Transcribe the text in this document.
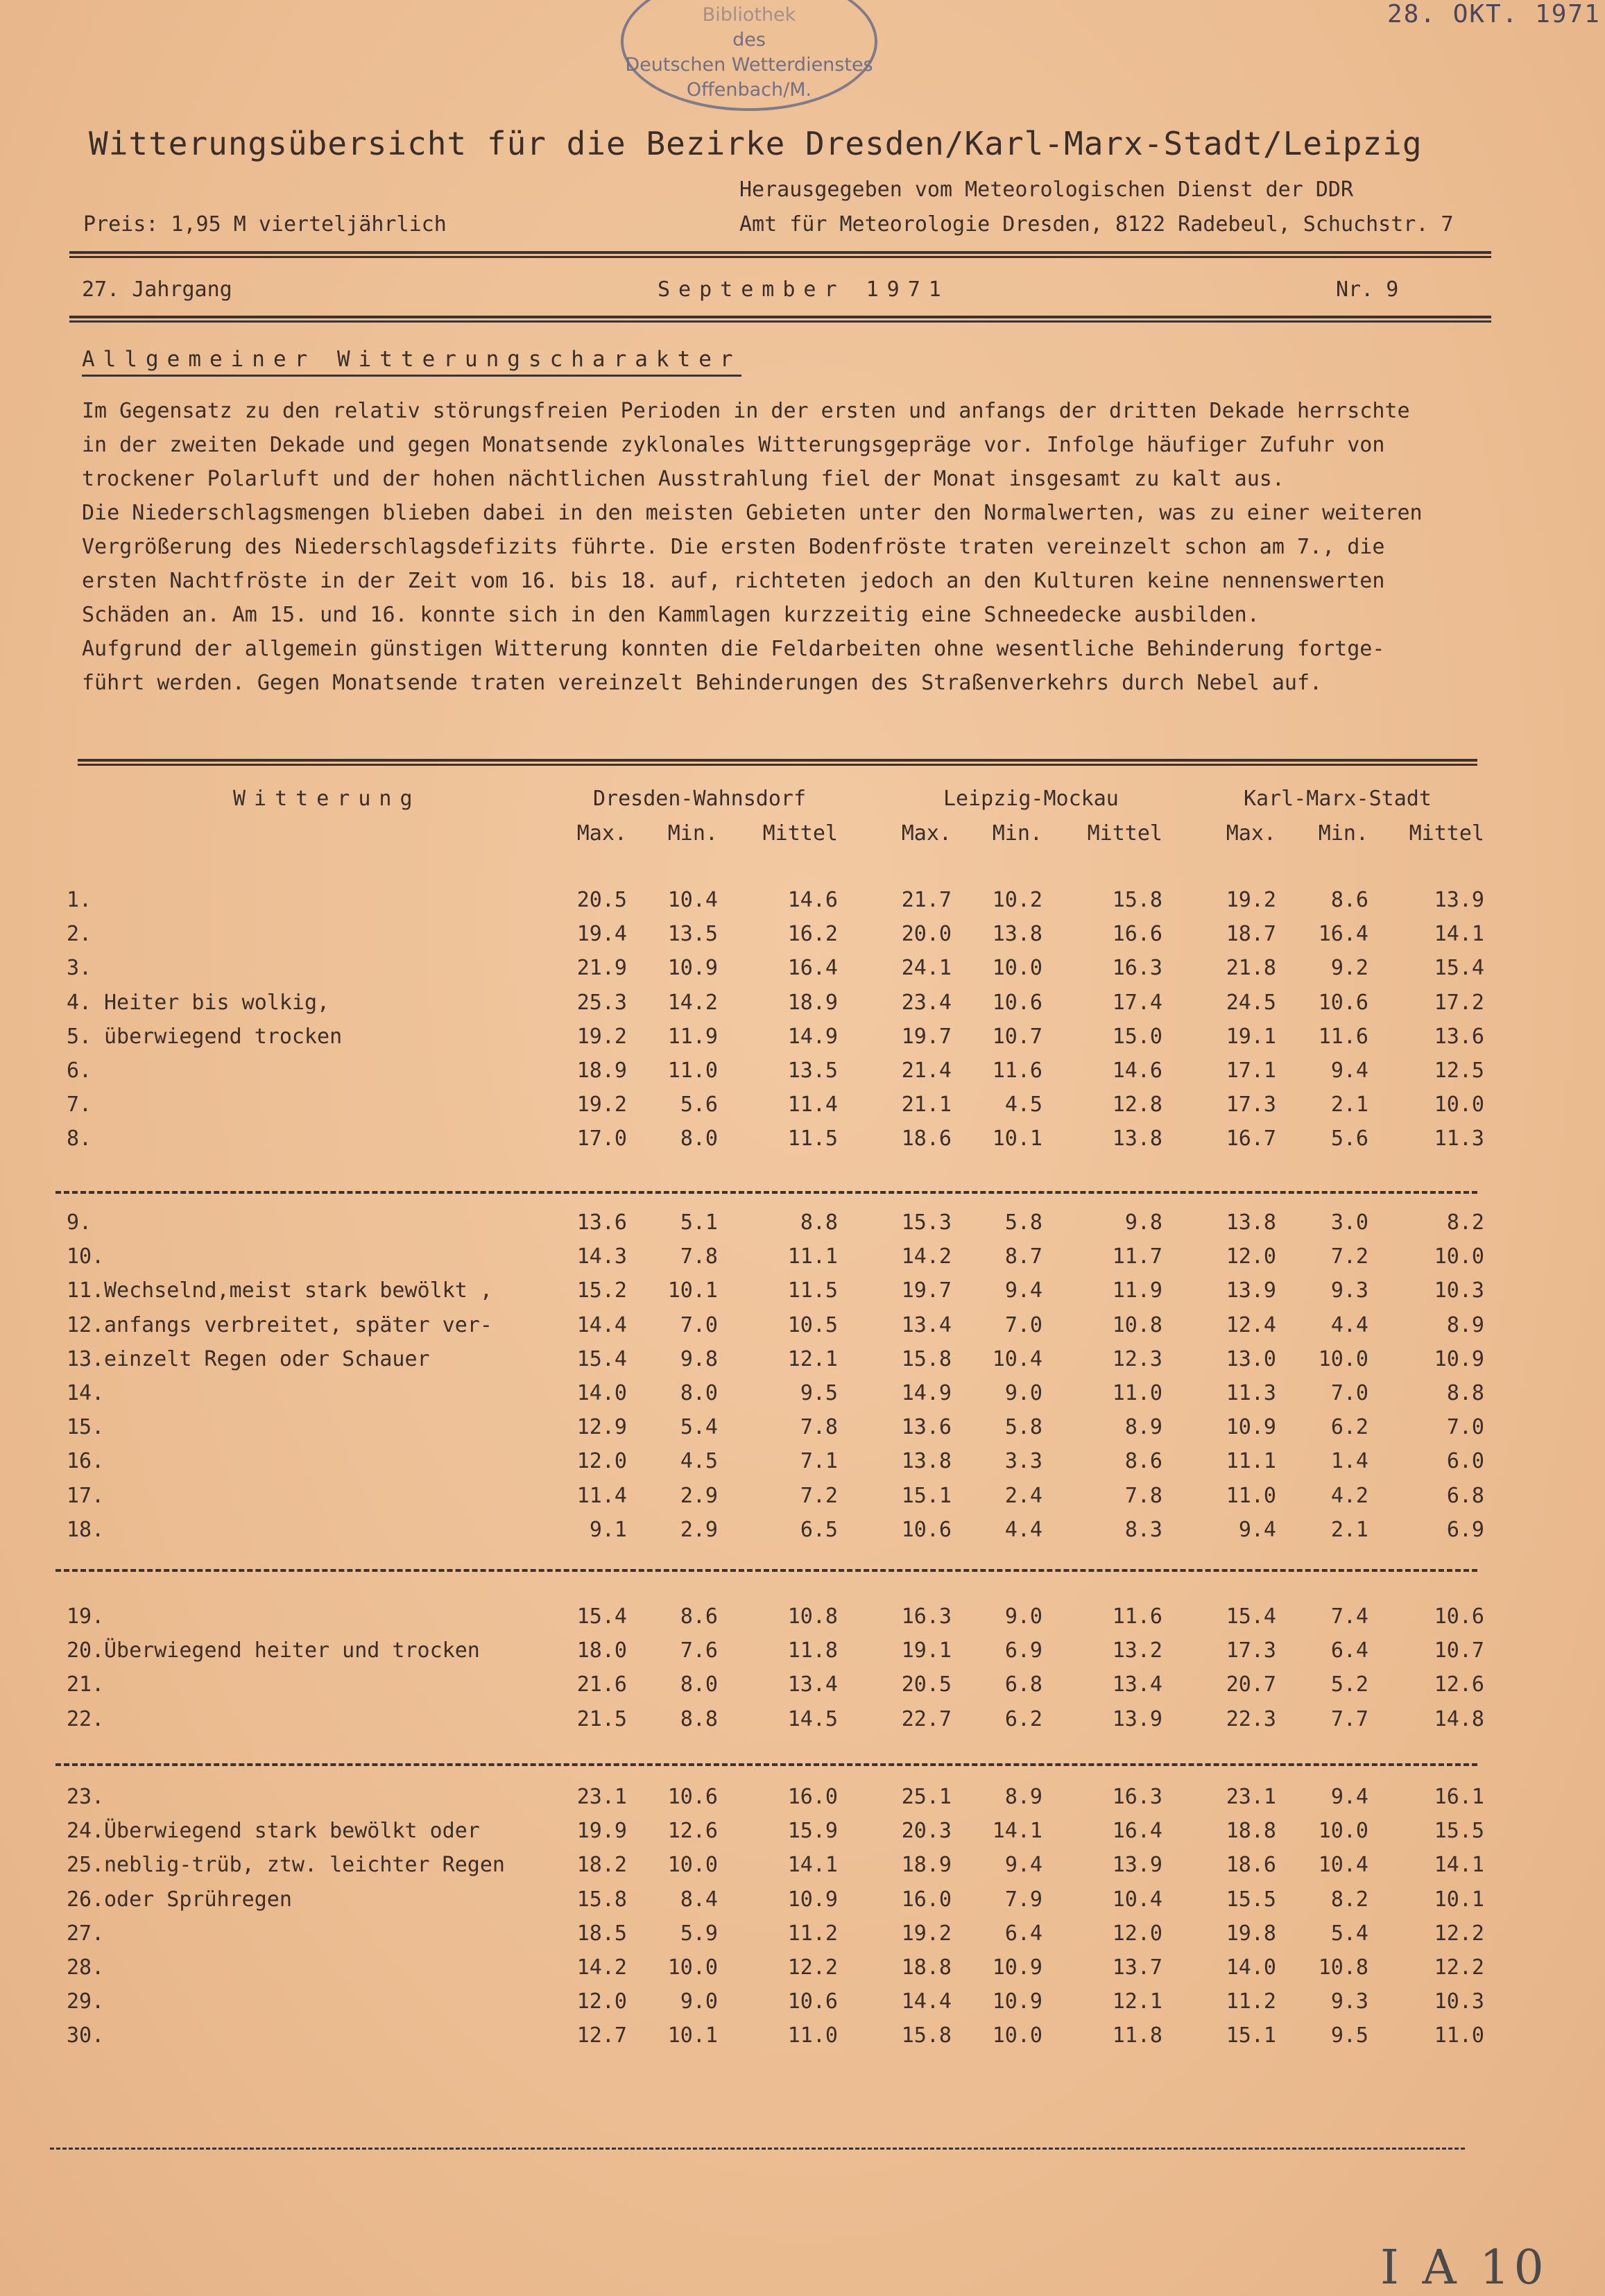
Bibliothek
des
Deutschen Wetterdienstes
Offenbach/M.
28. OKT. 1971
Witterungsübersicht für die Bezirke Dresden/Karl-Marx-Stadt/Leipzig
Herausgegeben vom Meteorologischen Dienst der DDR
Preis: 1,95 M vierteljährlich	Amt für Meteorologie Dresden, 8122 Radebeul, Schuchstr. 7
27. Jahrgang	September 1971	Nr. 9
Allgemeiner Witterungscharakter
Im Gegensatz zu den relativ störungsfreien Perioden in der ersten und anfangs der dritten Dekade herrschte
in der zweiten Dekade und gegen Monatsende zyklonales Witterungsgepräge vor. Infolge häufiger Zufuhr von
trockener Polarluft und der hohen nächtlichen Ausstrahlung fiel der Monat insgesamt zu kalt aus.
Die Niederschlagsmengen blieben dabei in den meisten Gebieten unter den Normalwerten, was zu einer weiteren
Vergrößerung des Niederschlagsdefizits führte. Die ersten Bodenfröste traten vereinzelt schon am 7., die
ersten Nachtfröste in der Zeit vom 16. bis 18. auf, richteten jedoch an den Kulturen keine nennenswerten
Schäden an. Am 15. und 16. konnte sich in den Kammlagen kurzzeitig eine Schneedecke ausbilden.
Aufgrund der allgemein günstigen Witterung konnten die Feldarbeiten ohne wesentliche Behinderung fortge-
führt werden. Gegen Monatsende traten vereinzelt Behinderungen des Straßenverkehrs durch Nebel auf.
Witterung	Dresden-Wahnsdorf	Leipzig-Mockau	Karl-Marx-Stadt
Max.	Min.	Mittel	Max.	Min.	Mittel	Max.	Min.	Mittel
1.	20.5	10.4	14.6	21.7	10.2	15.8	19.2	8.6	13.9
2.	19.4	13.5	16.2	20.0	13.8	16.6	18.7	16.4	14.1
3.	21.9	10.9	16.4	24.1	10.0	16.3	21.8	9.2	15.4
4. Heiter bis wolkig,	25.3	14.2	18.9	23.4	10.6	17.4	24.5	10.6	17.2
5. überwiegend trocken	19.2	11.9	14.9	19.7	10.7	15.0	19.1	11.6	13.6
6.	18.9	11.0	13.5	21.4	11.6	14.6	17.1	9.4	12.5
7.	19.2	5.6	11.4	21.1	4.5	12.8	17.3	2.1	10.0
8.	17.0	8.0	11.5	18.6	10.1	13.8	16.7	5.6	11.3
9.	13.6	5.1	8.8	15.3	5.8	9.8	13.8	3.0	8.2
10.	14.3	7.8	11.1	14.2	8.7	11.7	12.0	7.2	10.0
11. Wechselnd,meist stark bewölkt ,	15.2	10.1	11.5	19.7	9.4	11.9	13.9	9.3	10.3
12. anfangs verbreitet, später ver-	14.4	7.0	10.5	13.4	7.0	10.8	12.4	4.4	8.9
13. einzelt Regen oder Schauer	15.4	9.8	12.1	15.8	10.4	12.3	13.0	10.0	10.9
14.	14.0	8.0	9.5	14.9	9.0	11.0	11.3	7.0	8.8
15.	12.9	5.4	7.8	13.6	5.8	8.9	10.9	6.2	7.0
16.	12.0	4.5	7.1	13.8	3.3	8.6	11.1	1.4	6.0
17.	11.4	2.9	7.2	15.1	2.4	7.8	11.0	4.2	6.8
18.	9.1	2.9	6.5	10.6	4.4	8.3	9.4	2.1	6.9
19.	15.4	8.6	10.8	16.3	9.0	11.6	15.4	7.4	10.6
20. Überwiegend heiter und trocken	18.0	7.6	11.8	19.1	6.9	13.2	17.3	6.4	10.7
21.	21.6	8.0	13.4	20.5	6.8	13.4	20.7	5.2	12.6
22.	21.5	8.8	14.5	22.7	6.2	13.9	22.3	7.7	14.8
23.	23.1	10.6	16.0	25.1	8.9	16.3	23.1	9.4	16.1
24. Überwiegend stark bewölkt oder	19.9	12.6	15.9	20.3	14.1	16.4	18.8	10.0	15.5
25. neblig-trüb, ztw. leichter Regen	18.2	10.0	14.1	18.9	9.4	13.9	18.6	10.4	14.1
26. oder Sprühregen	15.8	8.4	10.9	16.0	7.9	10.4	15.5	8.2	10.1
27.	18.5	5.9	11.2	19.2	6.4	12.0	19.8	5.4	12.2
28.	14.2	10.0	12.2	18.8	10.9	13.7	14.0	10.8	12.2
29.	12.0	9.0	10.6	14.4	10.9	12.1	11.2	9.3	10.3
30.	12.7	10.1	11.0	15.8	10.0	11.8	15.1	9.5	11.0
I A 10
